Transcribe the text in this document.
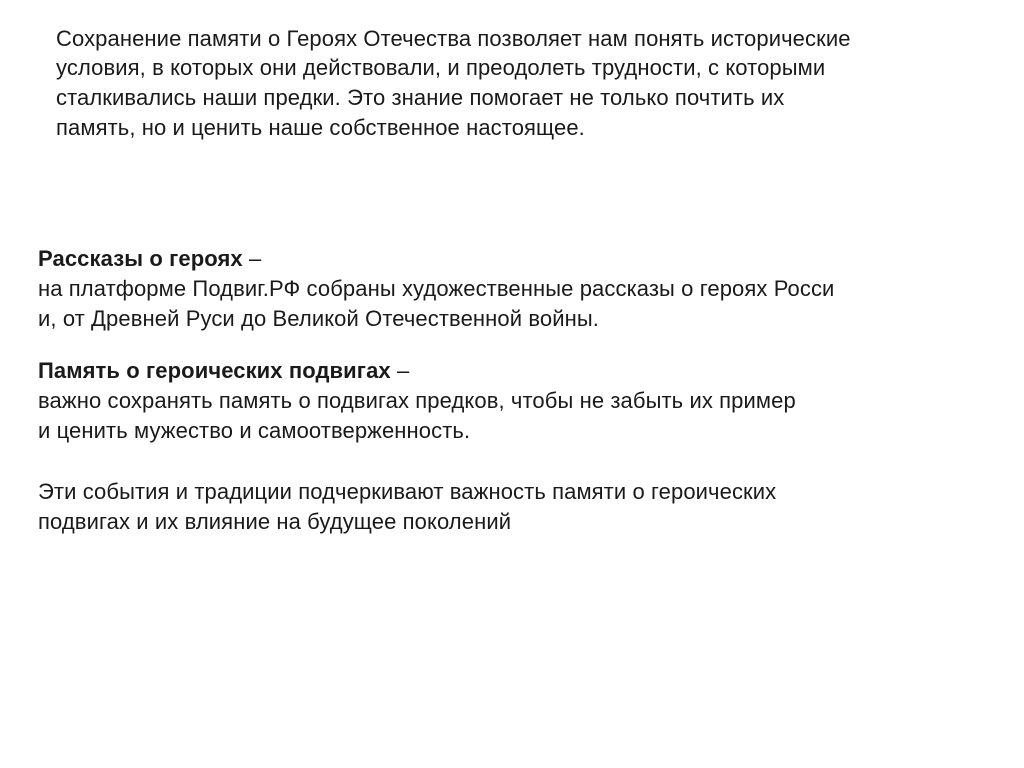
Сохранение памяти о Героях Отечества позволяет нам понять исторические
условия, в которых они действовали, и преодолеть трудности, с которыми
сталкивались наши предки. Это знание помогает не только почтить их
память, но и ценить наше собственное настоящее.
Рассказы о героях –
на платформе Подвиг.РФ собраны художественные рассказы о героях Росси
и, от Древней Руси до Великой Отечественной войны.
Память о героических подвигах –
важно сохранять память о подвигах предков, чтобы не забыть их пример
и ценить мужество и самоотверженность.
Эти события и традиции подчеркивают важность памяти о героических
подвигах и их влияние на будущее поколений
